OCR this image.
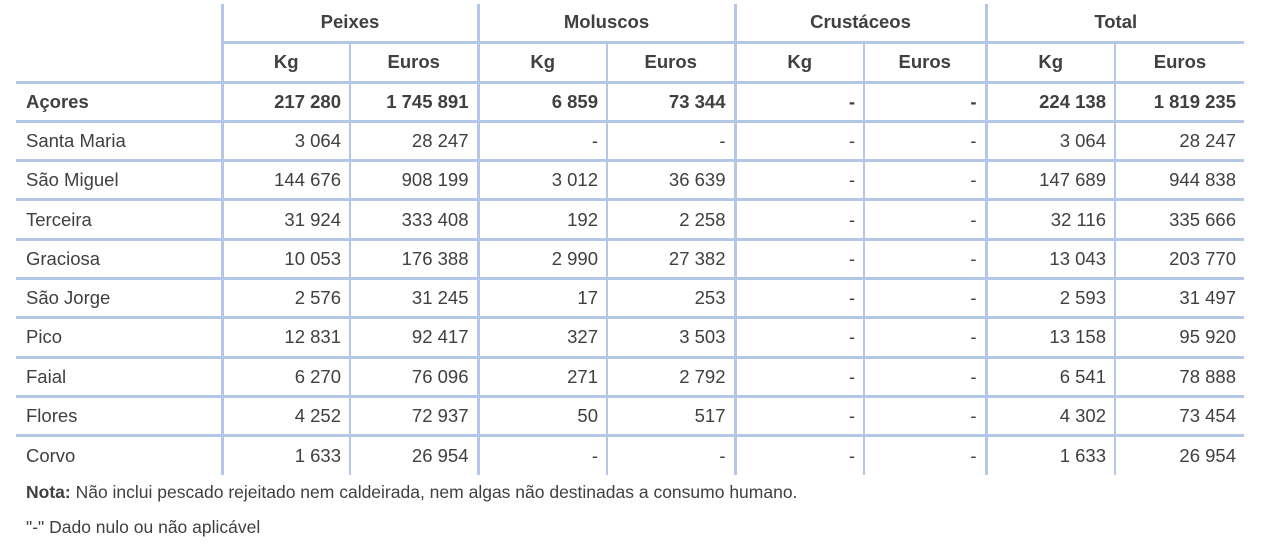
	Peixes		Moluscos		Crustáceos		Total	
	Kg	Euros	Kg	Euros	Kg	Euros	Kg	Euros
Açores	217 280	1 745 891	6 859	73 344	-	-	224 138	1 819 235
Santa Maria	3 064	28 247	-	-	-	-	3 064	28 247
São Miguel	144 676	908 199	3 012	36 639	-	-	147 689	944 838
Terceira	31 924	333 408	192	2 258	-	-	32 116	335 666
Graciosa	10 053	176 388	2 990	27 382	-	-	13 043	203 770
São Jorge	2 576	31 245	17	253	-	-	2 593	31 497
Pico	12 831	92 417	327	3 503	-	-	13 158	95 920
Faial	6 270	76 096	271	2 792	-	-	6 541	78 888
Flores	4 252	72 937	50	517	-	-	4 302	73 454
Corvo	1 633	26 954	-	-	-	-	1 633	26 954
Nota: Não inclui pescado rejeitado nem caldeirada, nem algas não destinadas a consumo humano.
"-" Dado nulo ou não aplicável
